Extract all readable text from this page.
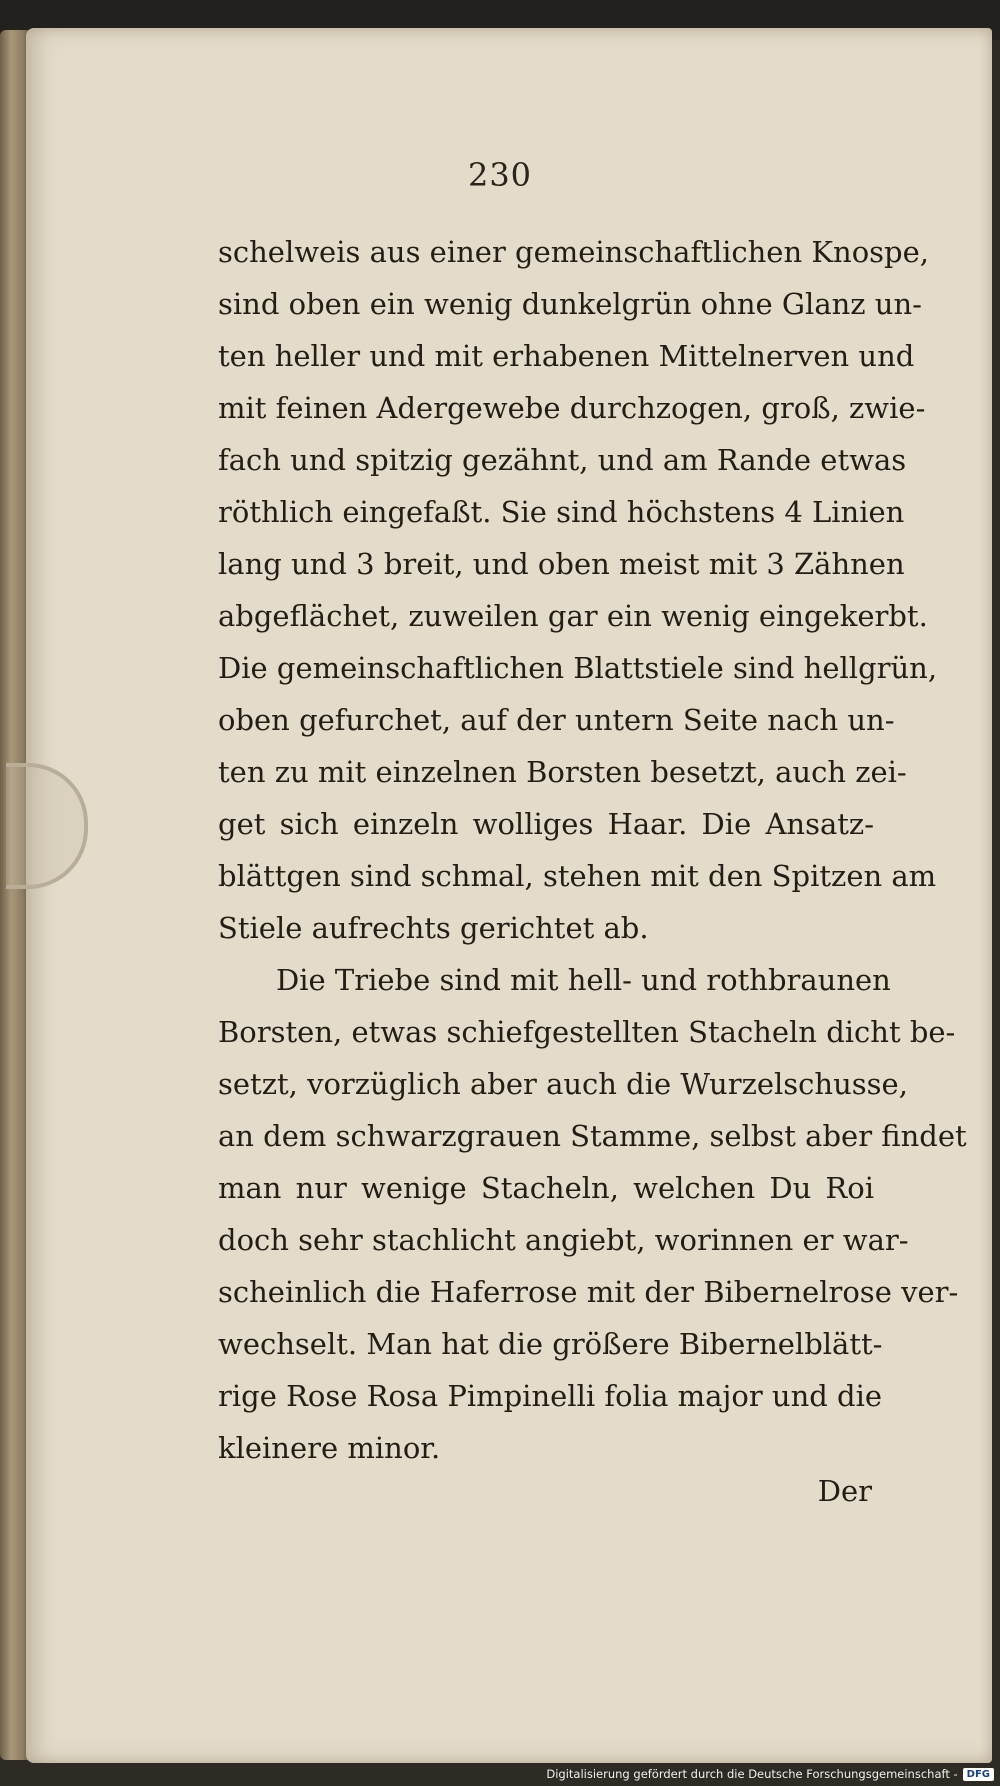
230
schelweis aus einer gemeinschaftlichen Knospe,
sind oben ein wenig dunkelgrün ohne Glanz un-
ten heller und mit erhabenen Mittelnerven und
mit feinen Adergewebe durchzogen, groß, zwie-
fach und spitzig gezähnt, und am Rande etwas
röthlich eingefaßt. Sie sind höchstens 4 Linien
lang und 3 breit, und oben meist mit 3 Zähnen
abgeflächet, zuweilen gar ein wenig eingekerbt.
Die gemeinschaftlichen Blattstiele sind hellgrün,
oben gefurchet, auf der untern Seite nach un-
ten zu mit einzelnen Borsten besetzt, auch zei-
get sich einzeln wolliges Haar. Die Ansatz-
blättgen sind schmal, stehen mit den Spitzen am
Stiele aufrechts gerichtet ab.
Die Triebe sind mit hell- und rothbraunen
Borsten, etwas schiefgestellten Stacheln dicht be-
setzt, vorzüglich aber auch die Wurzelschusse,
an dem schwarzgrauen Stamme, selbst aber findet
man nur wenige Stacheln, welchen Du Roi
doch sehr stachlicht angiebt, worinnen er war-
scheinlich die Haferrose mit der Bibernelrose ver-
wechselt. Man hat die größere Bibernelblätt-
rige Rose Rosa Pimpinelli folia major und die
kleinere minor.
Der
Digitalisierung gefördert durch die Deutsche Forschungsgemeinschaft - DFG
